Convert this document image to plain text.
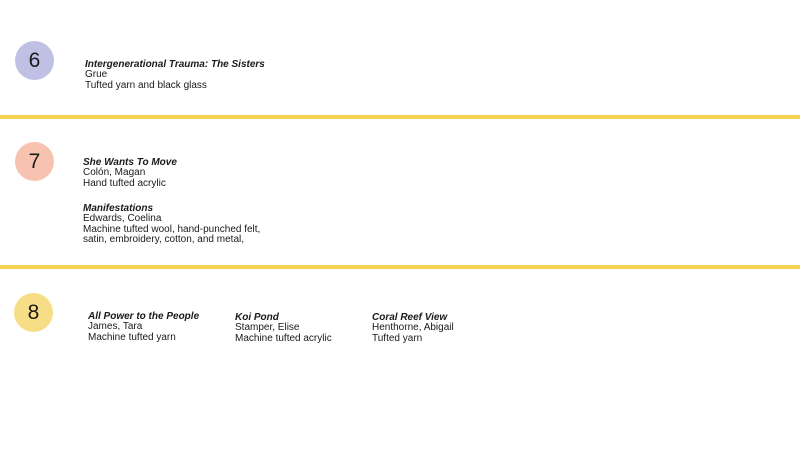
6	Intergenerational Trauma: The Sisters
Grue
Tufted yarn and black glass
7	She Wants To Move
Colón, Magan
Hand tufted acrylic
Manifestations
Edwards, Coelina
Machine tufted wool, hand-punched felt,
satin, embroidery, cotton, and metal,
8	All Power to the People
James, Tara
Machine tufted yarn
Koi Pond
Stamper, Elise
Machine tufted acrylic
Coral Reef View
Henthorne, Abigail
Tufted yarn
